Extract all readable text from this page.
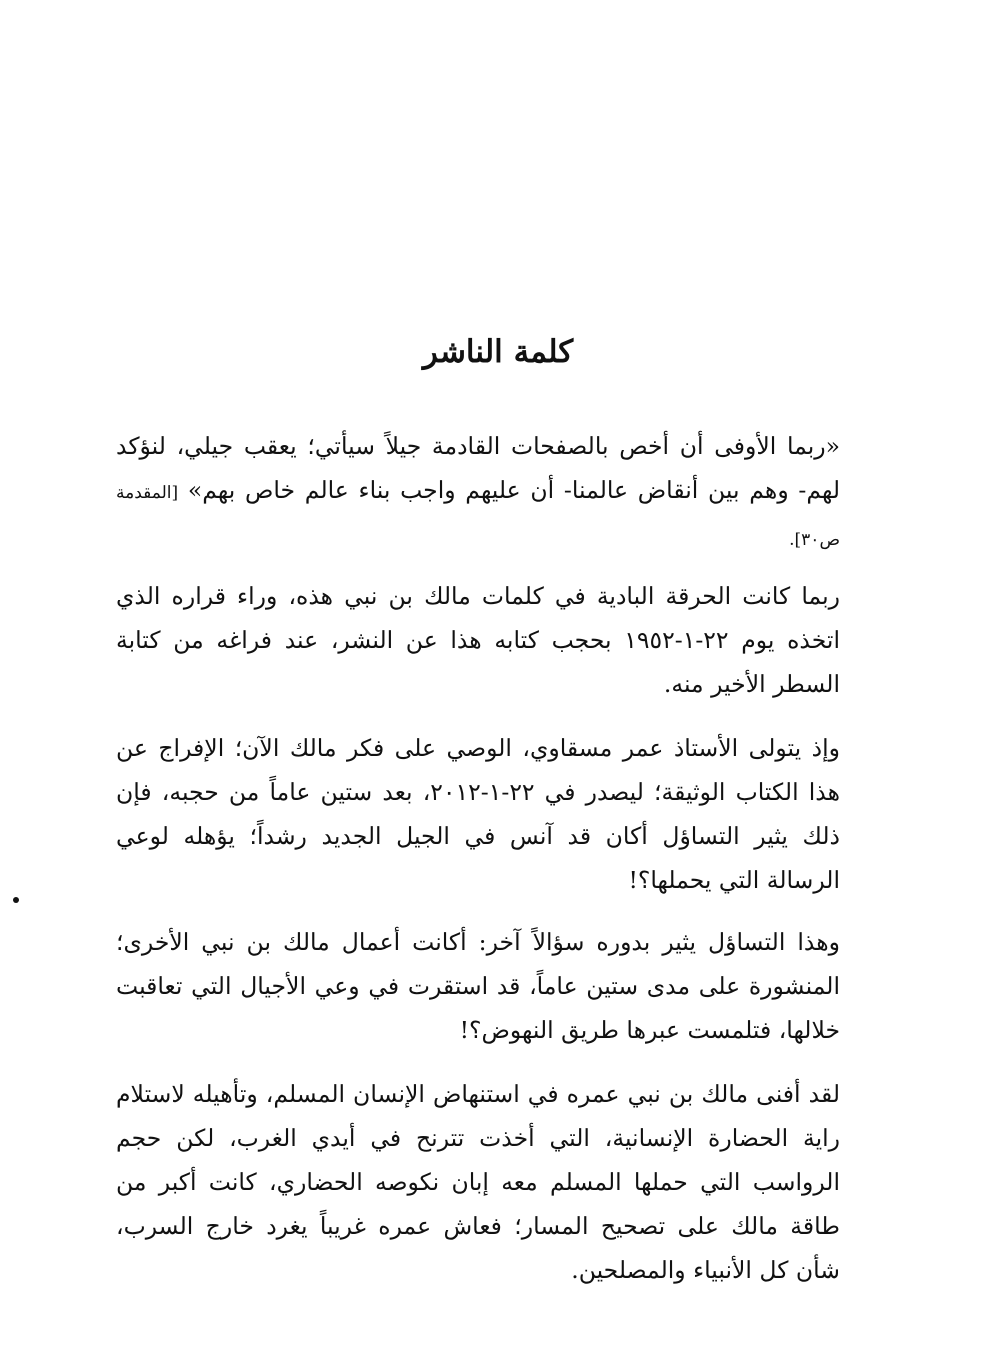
كلمة الناشر

«ربما الأوفى أن أخص بالصفحات القادمة جيلاً سيأتي؛ يعقب جيلي، لنؤكد لهم- وهم بين أنقاض عالمنا- أن عليهم واجب بناء عالم خاص بهم» [المقدمة ص٣٠].

ربما كانت الحرقة البادية في كلمات مالك بن نبي هذه، وراء قراره الذي اتخذه يوم ٢٢-١-١٩٥٢ بحجب كتابه هذا عن النشر، عند فراغه من كتابة السطر الأخير منه.

وإذ يتولى الأستاذ عمر مسقاوي، الوصي على فكر مالك الآن؛ الإفراج عن هذا الكتاب الوثيقة؛ ليصدر في ٢٢-١-٢٠١٢، بعد ستين عاماً من حجبه، فإن ذلك يثير التساؤل أكان قد آنس في الجيل الجديد رشداً؛ يؤهله لوعي الرسالة التي يحملها؟!

وهذا التساؤل يثير بدوره سؤالاً آخر: أكانت أعمال مالك بن نبي الأخرى؛ المنشورة على مدى ستين عاماً، قد استقرت في وعي الأجيال التي تعاقبت خلالها، فتلمست عبرها طريق النهوض؟!

لقد أفنى مالك بن نبي عمره في استنهاض الإنسان المسلم، وتأهيله لاستلام راية الحضارة الإنسانية، التي أخذت تترنح في أيدي الغرب، لكن حجم الرواسب التي حملها المسلم معه إبان نكوصه الحضاري، كانت أكبر من طاقة مالك على تصحيح المسار؛ فعاش عمره غريباً يغرد خارج السرب، شأن كل الأنبياء والمصلحين.
